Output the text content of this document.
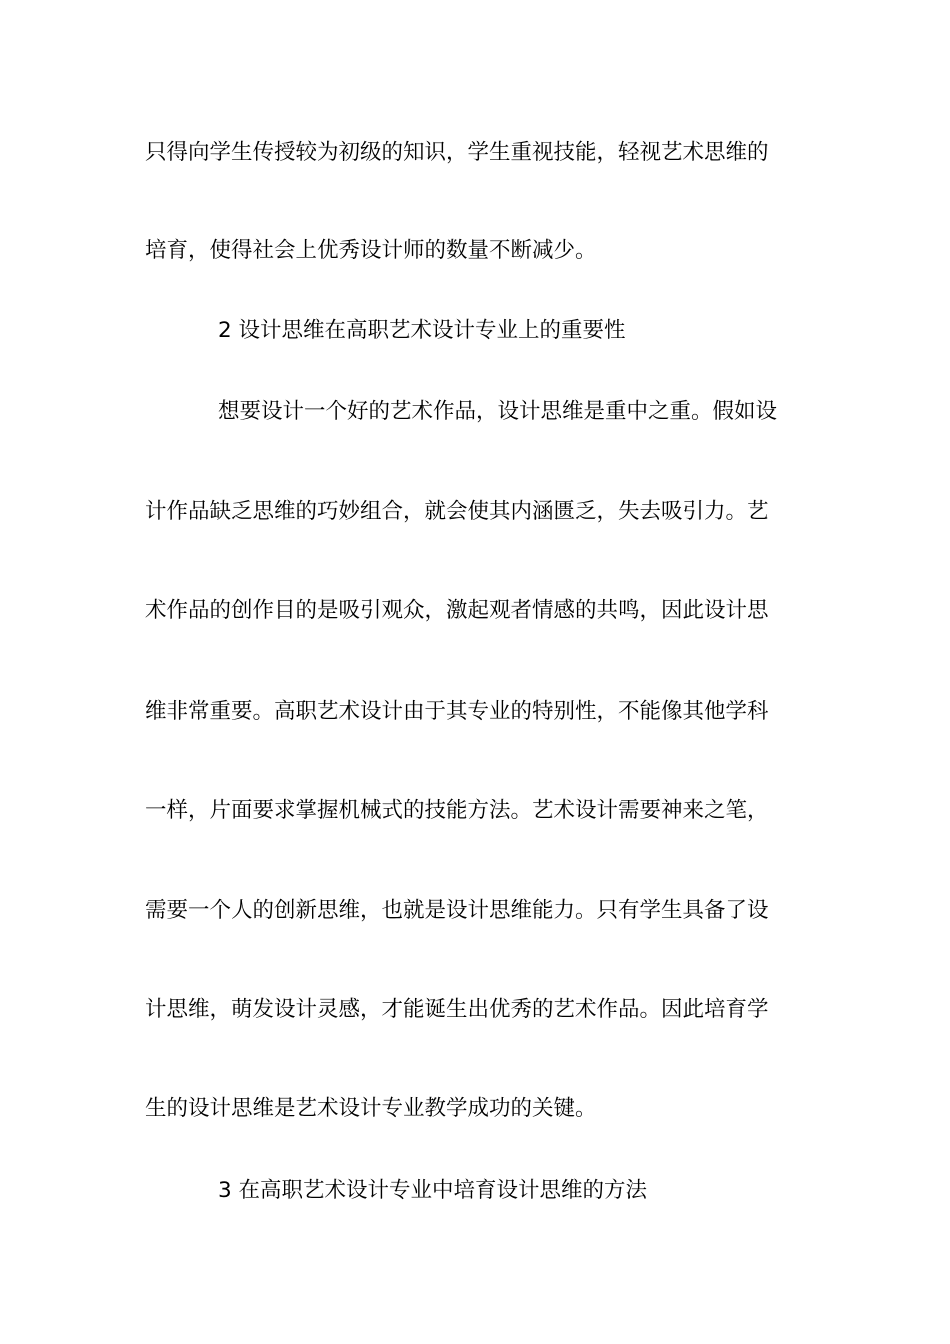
只得向学生传授较为初级的知识，学生重视技能，轻视艺术思维的
培育，使得社会上优秀设计师的数量不断减少。
2 设计思维在高职艺术设计专业上的重要性
想要设计一个好的艺术作品，设计思维是重中之重。假如设
计作品缺乏思维的巧妙组合，就会使其内涵匮乏，失去吸引力。艺
术作品的创作目的是吸引观众，激起观者情感的共鸣，因此设计思
维非常重要。高职艺术设计由于其专业的特别性，不能像其他学科
一样，片面要求掌握机械式的技能方法。艺术设计需要神来之笔，
需要一个人的创新思维，也就是设计思维能力。只有学生具备了设
计思维，萌发设计灵感，才能诞生出优秀的艺术作品。因此培育学
生的设计思维是艺术设计专业教学成功的关键。
3 在高职艺术设计专业中培育设计思维的方法
